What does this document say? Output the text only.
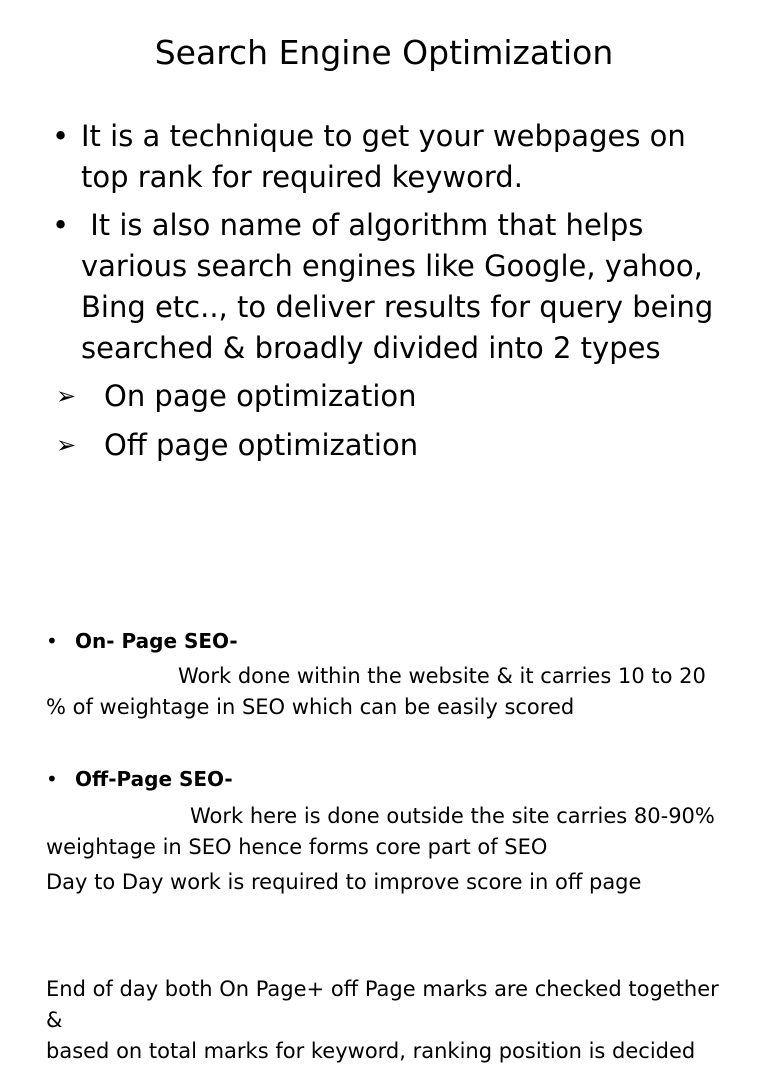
Search Engine Optimization
• It is a technique to get your webpages on top rank for required keyword.
• It is also name of algorithm that helps various search engines like Google, yahoo, Bing etc.., to deliver results for query being searched & broadly divided into 2 types
➢ On page optimization
➢ Off page optimization
• On- Page SEO-
Work done within the website & it carries 10 to 20
% of weightage in SEO which can be easily scored
• Off-Page SEO-
Work here is done outside the site carries 80-90%
weightage in SEO hence forms core part of SEO
Day to Day work is required to improve score in off page
End of day both On Page+ off Page marks are checked together &
based on total marks for keyword, ranking position is decided
